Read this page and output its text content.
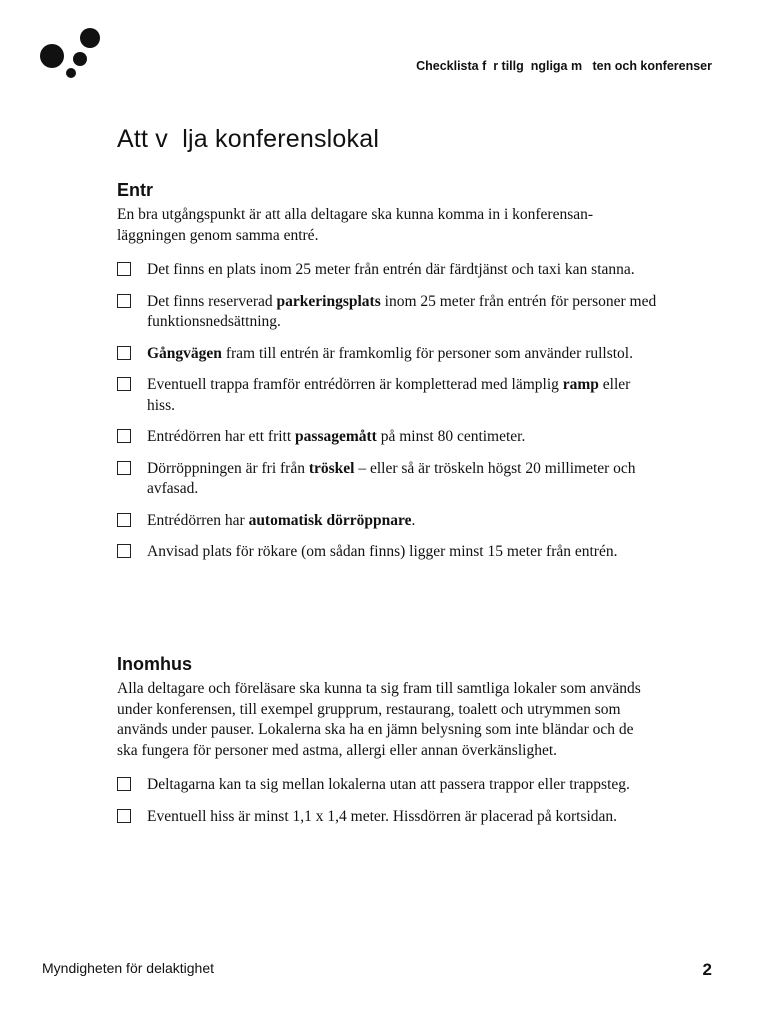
Checklista f  r tillg  ngliga m   ten och konferenser
Att v  lja konferenslokal
Entr

En bra utgångspunkt är att alla deltagare ska kunna komma in i konferensan-läggningen genom samma entré.

Det finns en plats inom 25 meter från entrén där färdtjänst och taxi kan stanna.
Det finns reserverad parkeringsplats inom 25 meter från entrén för personer med funktionsnedsättning.
Gångvägen fram till entrén är framkomlig för personer som använder rullstol.
Eventuell trappa framför entrédörren är kompletterad med lämplig ramp eller hiss.
Entrédörren har ett fritt passagemått på minst 80 centimeter.
Dörröppningen är fri från tröskel – eller så är tröskeln högst 20 millimeter och avfasad.
Entrédörren har automatisk dörröppnare.
Anvisad plats för rökare (om sådan finns) ligger minst 15 meter från entrén.
Inomhus

Alla deltagare och föreläsare ska kunna ta sig fram till samtliga lokaler som används under konferensen, till exempel grupprum, restaurang, toalett och utrymmen som används under pauser. Lokalerna ska ha en jämn belysning som inte bländar och de ska fungera för personer med astma, allergi eller annan överkänslighet.

Deltagarna kan ta sig mellan lokalerna utan att passera trappor eller trappsteg.
Eventuell hiss är minst 1,1 x 1,4 meter. Hissdörren är placerad på kortsidan.
Myndigheten för delaktighet	2
